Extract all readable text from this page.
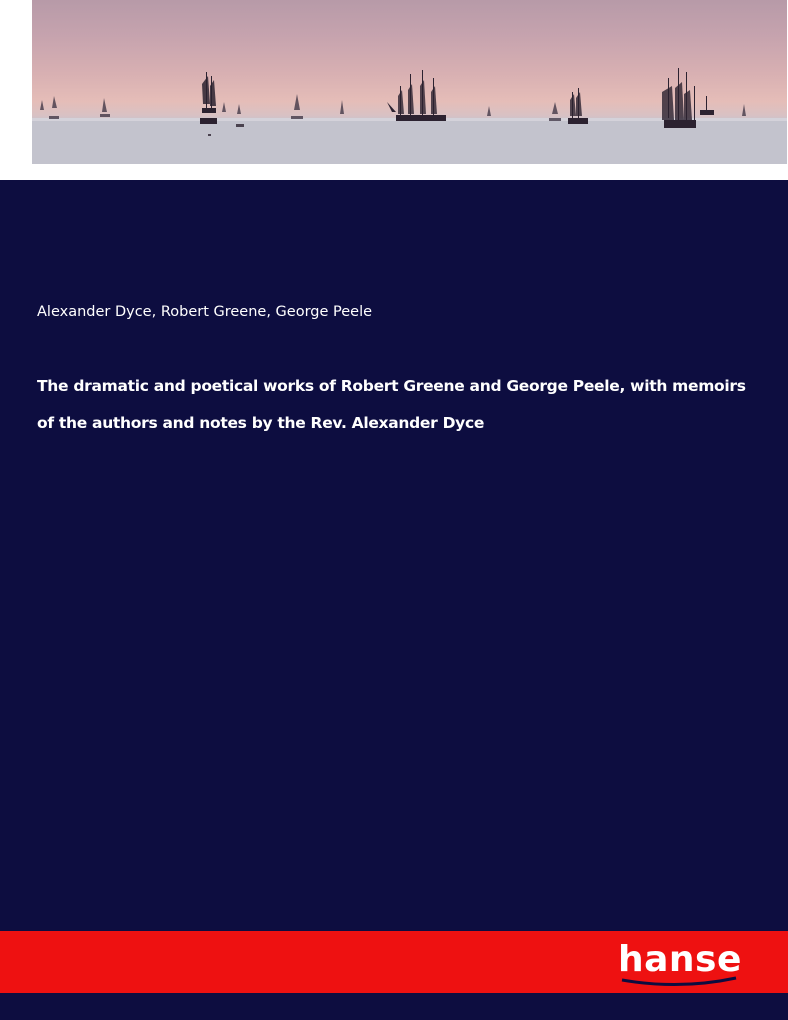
Alexander Dyce, Robert Greene, George Peele
The dramatic and poetical works of Robert Greene and George Peele, with memoirs of the authors and notes by the Rev. Alexander Dyce
hanse
